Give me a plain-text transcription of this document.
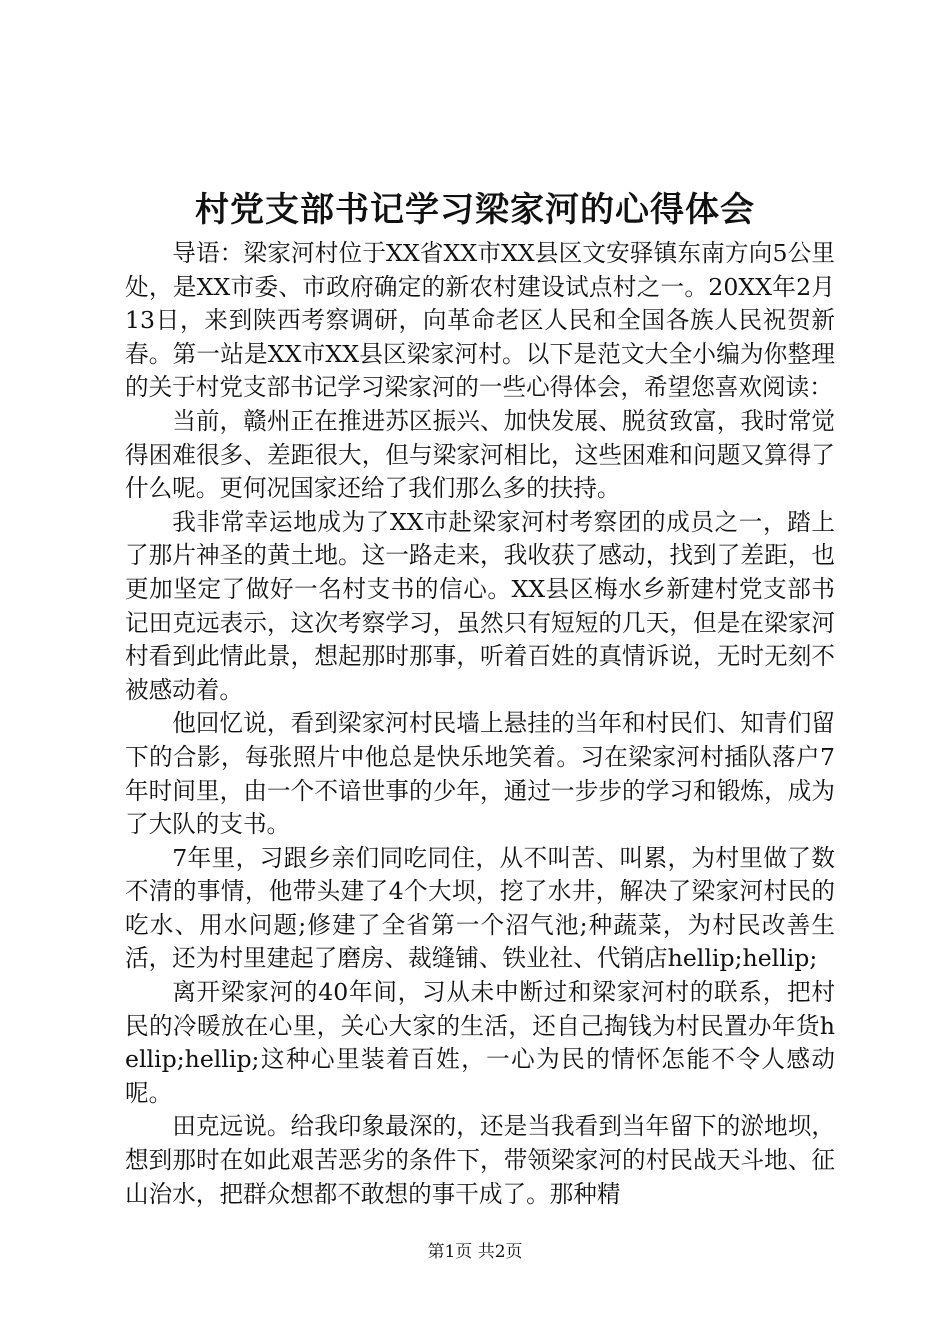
村党支部书记学习梁家河的心得体会

导语：梁家河村位于XX省XX市XX县区文安驿镇东南方向5公里处，是XX市委、市政府确定的新农村建设试点村之一。20XX年2月13日，来到陕西考察调研，向革命老区人民和全国各族人民祝贺新春。第一站是XX市XX县区梁家河村。以下是范文大全小编为你整理的关于村党支部书记学习梁家河的一些心得体会，希望您喜欢阅读：

当前，赣州正在推进苏区振兴、加快发展、脱贫致富，我时常觉得困难很多、差距很大，但与梁家河相比，这些困难和问题又算得了什么呢。更何况国家还给了我们那么多的扶持。

我非常幸运地成为了XX市赴梁家河村考察团的成员之一，踏上了那片神圣的黄土地。这一路走来，我收获了感动，找到了差距，也更加坚定了做好一名村支书的信心。XX县区梅水乡新建村党支部书记田克远表示，这次考察学习，虽然只有短短的几天，但是在梁家河村看到此情此景，想起那时那事，听着百姓的真情诉说，无时无刻不被感动着。

他回忆说，看到梁家河村民墙上悬挂的当年和村民们、知青们留下的合影，每张照片中他总是快乐地笑着。习在梁家河村插队落户7年时间里，由一个不谙世事的少年，通过一步步的学习和锻炼，成为了大队的支书。

7年里，习跟乡亲们同吃同住，从不叫苦、叫累，为村里做了数不清的事情，他带头建了4个大坝，挖了水井，解决了梁家河村民的吃水、用水问题;修建了全省第一个沼气池;种蔬菜，为村民改善生活，还为村里建起了磨房、裁缝铺、铁业社、代销店hellip;hellip;

离开梁家河的40年间，习从未中断过和梁家河村的联系，把村民的冷暖放在心里，关心大家的生活，还自己掏钱为村民置办年货hellip;hellip;这种心里装着百姓，一心为民的情怀怎能不令人感动呢。

田克远说。给我印象最深的，还是当我看到当年留下的淤地坝，想到那时在如此艰苦恶劣的条件下，带领梁家河的村民战天斗地、征山治水，把群众想都不敢想的事干成了。那种精

第1页 共2页
